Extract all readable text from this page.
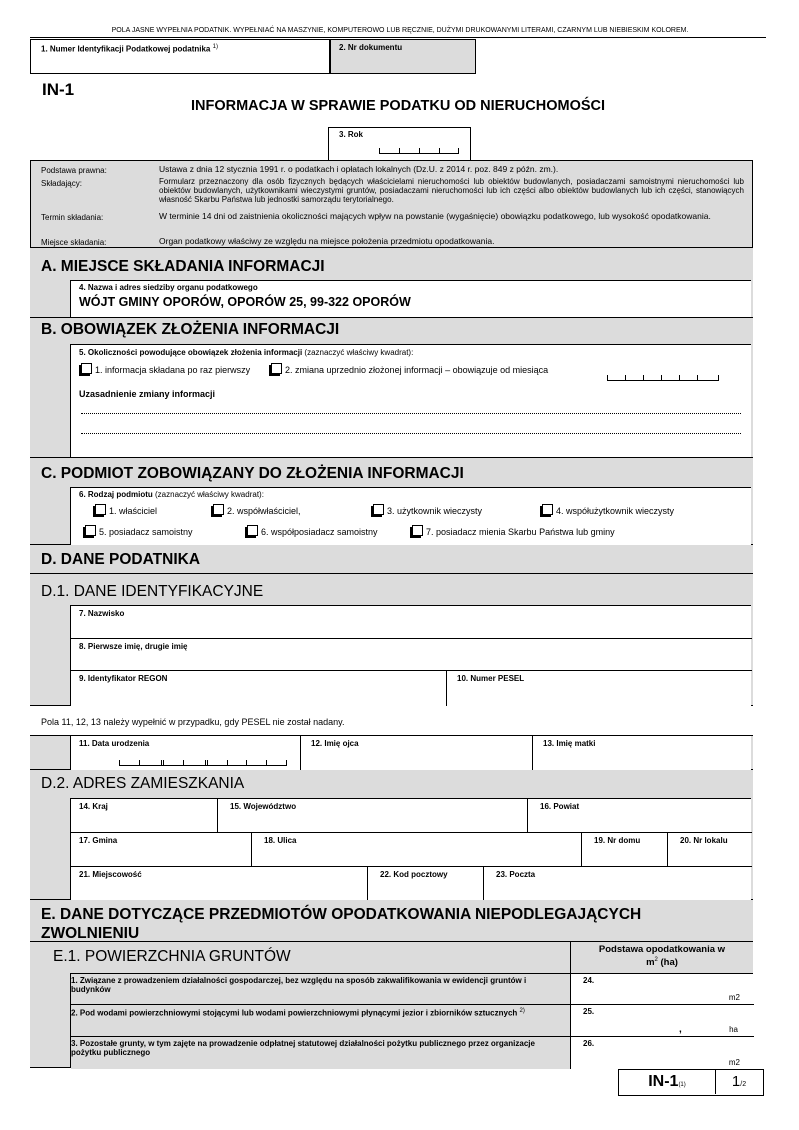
POLA JASNE WYPEŁNIA PODATNIK. WYPEŁNIAĆ NA MASZYNIE, KOMPUTEROWO LUB RĘCZNIE, DUŻYMI DRUKOWANYMI LITERAMI, CZARNYM LUB NIEBIESKIM KOLOREM.
1. Numer Identyfikacji Podatkowej podatnika $^{1)}$	2. Nr dokumentu
IN-1
INFORMACJA W SPRAWIE PODATKU OD NIERUCHOMOŚCI
3. Rok
Podstawa prawna:	Ustawa z dnia 12 stycznia 1991 r. o podatkach i opłatach lokalnych (Dz.U. z 2014 r. poz. 849 z późn. zm.).
Składający:	Formularz przeznaczony dla osób fizycznych będących właścicielami nieruchomości lub obiektów budowlanych, posiadaczami samoistnymi nieruchomości lub obiektów budowlanych, użytkownikami wieczystymi gruntów, posiadaczami nieruchomości lub ich części albo obiektów budowlanych lub ich części, stanowiących własność Skarbu Państwa lub jednostki samorządu terytorialnego.
Termin składania:	W terminie 14 dni od zaistnienia okoliczności mających wpływ na powstanie (wygaśnięcie) obowiązku podatkowego, lub wysokość opodatkowania.
Miejsce składania:	Organ podatkowy właściwy ze względu na miejsce położenia przedmiotu opodatkowania.
A. MIEJSCE SKŁADANIA INFORMACJI
4. Nazwa i adres siedziby organu podatkowego
WÓJT GMINY OPORÓW, OPORÓW 25, 99-322 OPORÓW
B. OBOWIĄZEK ZŁOŻENIA INFORMACJI
5. Okoliczności powodujące obowiązek złożenia informacji (zaznaczyć właściwy kwadrat):
1. informacja składana po raz pierwszy	2. zmiana uprzednio złożonej informacji – obowiązuje od miesiąca
Uzasadnienie zmiany informacji
C. PODMIOT ZOBOWIĄZANY DO ZŁOŻENIA INFORMACJI
6. Rodzaj podmiotu (zaznaczyć właściwy kwadrat):
1. właściciel	2. współwłaściciel,	3. użytkownik wieczysty	4. współużytkownik wieczysty
5. posiadacz samoistny	6. współposiadacz samoistny	7. posiadacz mienia Skarbu Państwa lub gminy
D. DANE PODATNIKA
D.1. DANE IDENTYFIKACYJNE
7. Nazwisko
8. Pierwsze imię, drugie imię
9. Identyfikator REGON	10. Numer PESEL
Pola 11, 12, 13 należy wypełnić w przypadku, gdy PESEL nie został nadany.
11. Data urodzenia	12. Imię ojca	13. Imię matki
D.2. ADRES ZAMIESZKANIA
14. Kraj	15. Województwo	16. Powiat
17. Gmina	18. Ulica	19. Nr domu	20. Nr lokalu
21. Miejscowość	22. Kod pocztowy	23. Poczta
E. DANE DOTYCZĄCE PRZEDMIOTÓW OPODATKOWANIA NIEPODLEGAJĄCYCH
ZWOLNIENIU
E.1. POWIERZCHNIA GRUNTÓW	Podstawa opodatkowania w
$m^2$ (ha)
1. Związane z prowadzeniem działalności gospodarczej, bez względu na sposób zakwalifikowania w ewidencji gruntów i budynków
24.
m2
2. Pod wodami powierzchniowymi stojącymi lub wodami powierzchniowymi płynącymi jezior i zbiorników sztucznych $^{2)}$	25.
,	ha
3. Pozostałe grunty, w tym zajęte na prowadzenie odpłatnej statutowej działalności pożytku publicznego przez organizacje pożytku publicznego
26.
m2
IN-1(1)	1/2
